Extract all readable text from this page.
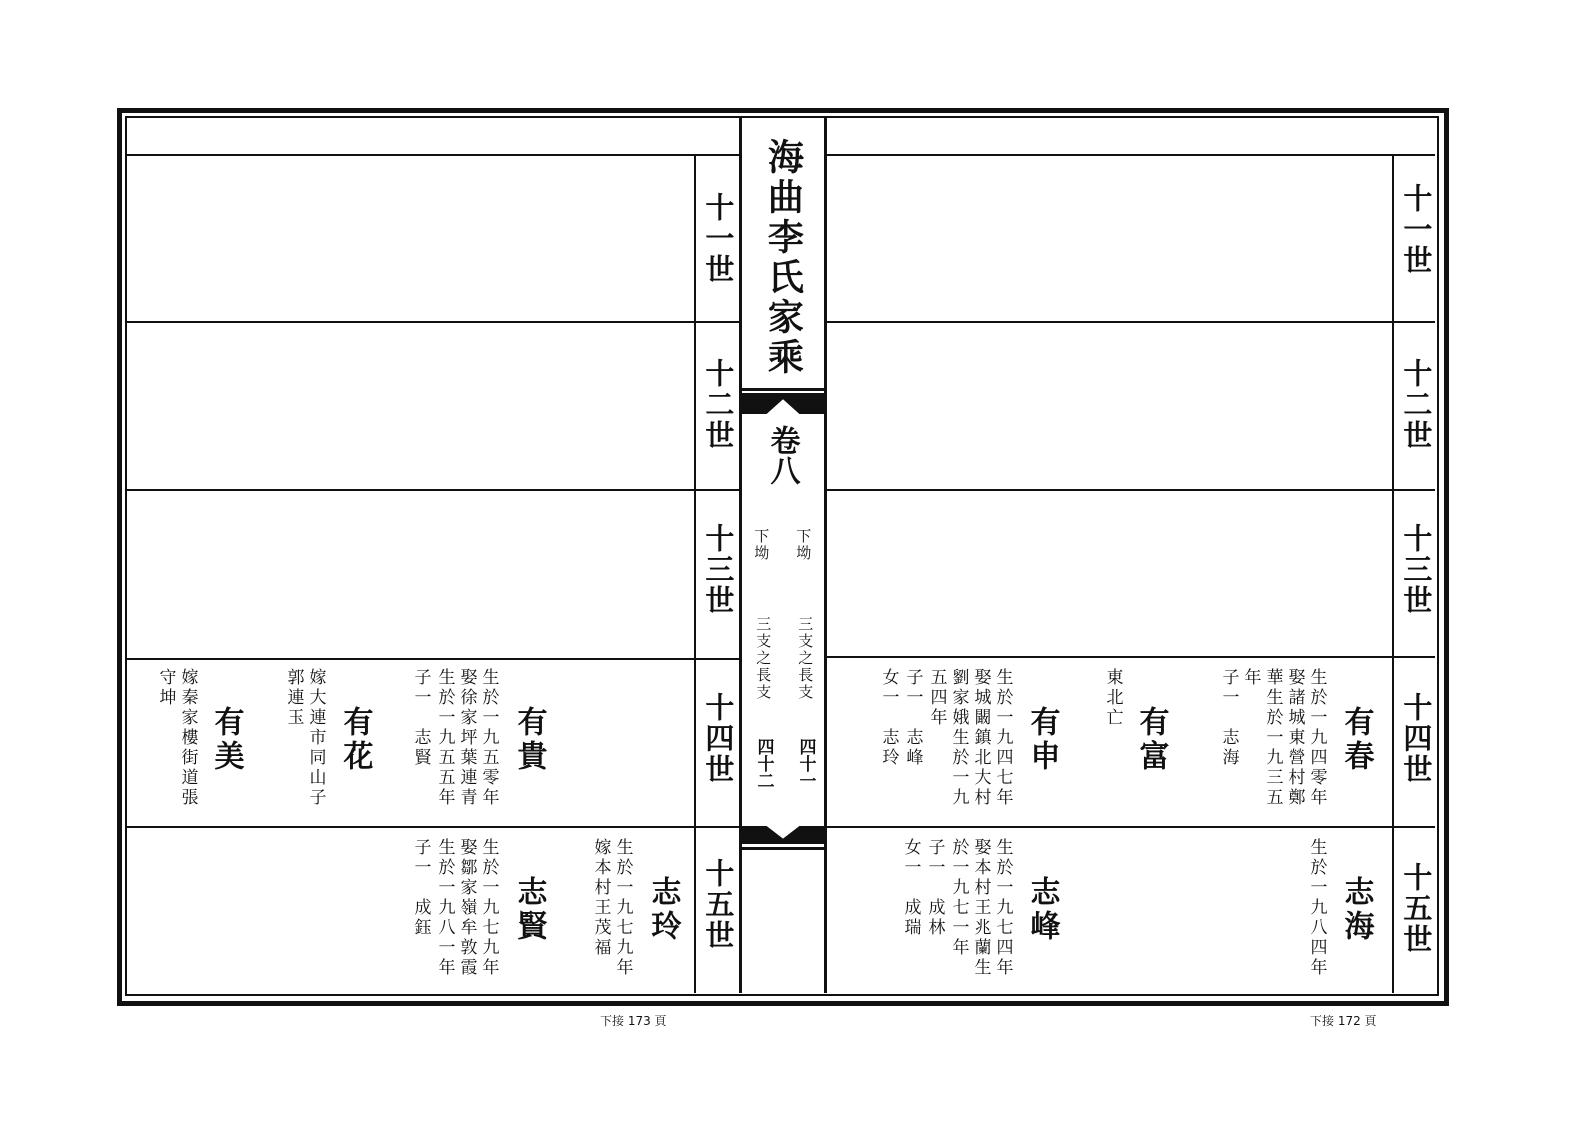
海曲李氏家乘
卷八
下坳
下坳
三支之長支
三支之長支
四十一
四十二
十一世
十二世
十三世
十四世
十五世
十一世
十二世
十三世
十四世
十五世
有春
生於一九四零年
娶諸城東營村鄭
華生於一九三五
年
子一　志海
有富
東北亡
有申
生於一九四七年
娶城闞鎮北大村
劉家娥生於一九
五四年
子一　志峰
女一　志玲
志海
生於一九八四年
志峰
生於一九七四年
娶本村王兆蘭生
於一九七一年
子一　成林
女一　成瑞
有貴
生於一九五零年
娶徐家坪葉連青
生於一九五五年
子一　志賢
有花
嫁大連市同山子
郭連玉
有美
嫁秦家樓街道張
守坤
志玲
生於一九七九年
嫁本村王茂福
志賢
生於一九七九年
娶鄒家嶺牟敦霞
生於一九八一年
子一　成鈺
下接 173 頁	下接 172 頁
